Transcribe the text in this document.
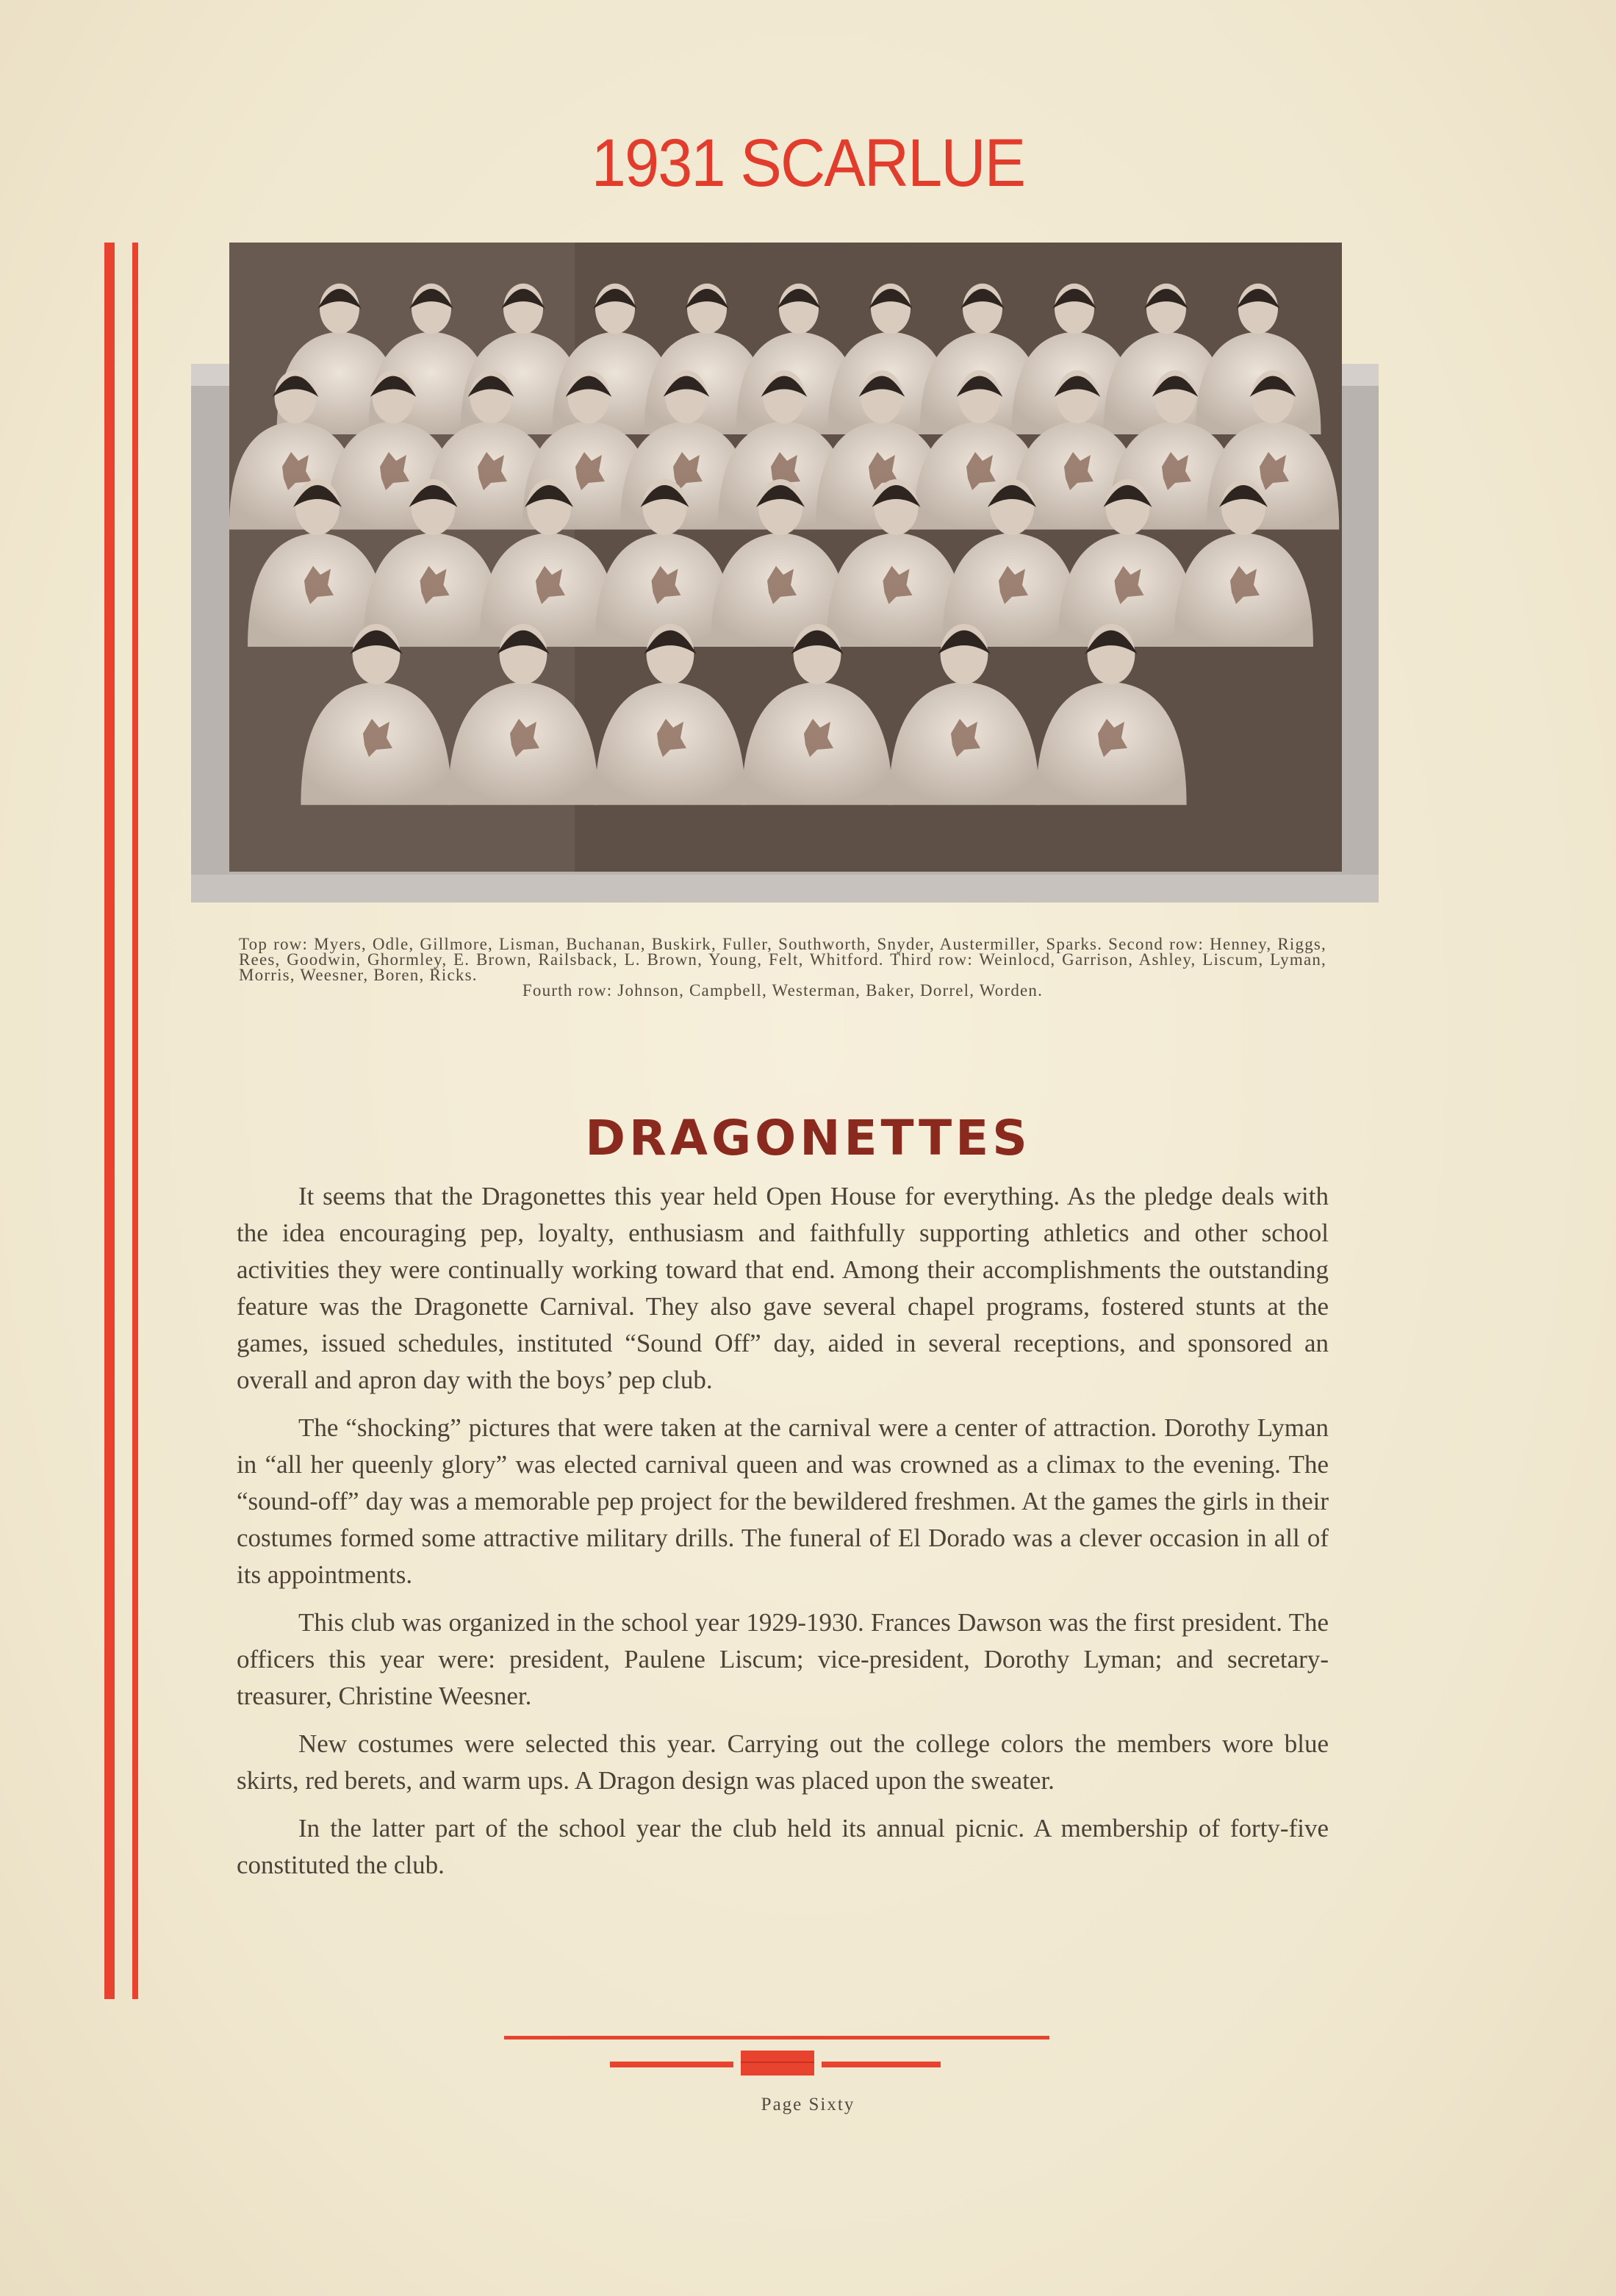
1931 SCARLUE
Top row: Myers, Odle, Gillmore, Lisman, Buchanan, Buskirk, Fuller, Southworth, Snyder, Austermiller, Sparks. Second row: Henney, Riggs, Rees, Goodwin, Ghormley, E. Brown, Railsback, L. Brown, Young, Felt, Whitford. Third row: Weinlocd, Garrison, Ashley, Liscum, Lyman, Morris, Weesner, Boren, Ricks.
Fourth row: Johnson, Campbell, Westerman, Baker, Dorrel, Worden.
DRAGONETTES

It seems that the Dragonettes this year held Open House for everything. As the pledge deals with the idea encouraging pep, loyalty, enthusiasm and faithfully supporting athletics and other school activities they were continually working toward that end. Among their accomplishments the outstanding feature was the Dragonette Carnival. They also gave several chapel programs, fostered stunts at the games, issued schedules, instituted “Sound Off” day, aided in several receptions, and sponsored an overall and apron day with the boys’ pep club.

The “shocking” pictures that were taken at the carnival were a center of attraction. Dorothy Lyman in “all her queenly glory” was elected carnival queen and was crowned as a climax to the evening. The “sound-off” day was a memorable pep project for the bewildered freshmen. At the games the girls in their costumes formed some attractive military drills. The funeral of El Dorado was a clever occasion in all of its appointments.

This club was organized in the school year 1929-1930. Frances Dawson was the first president. The officers this year were: president, Paulene Liscum; vice-president, Dorothy Lyman; and secretary-treasurer, Christine Weesner.

New costumes were selected this year. Carrying out the college colors the members wore blue skirts, red berets, and warm ups. A Dragon design was placed upon the sweater.

In the latter part of the school year the club held its annual picnic. A membership of forty-five constituted the club.

Page Sixty
